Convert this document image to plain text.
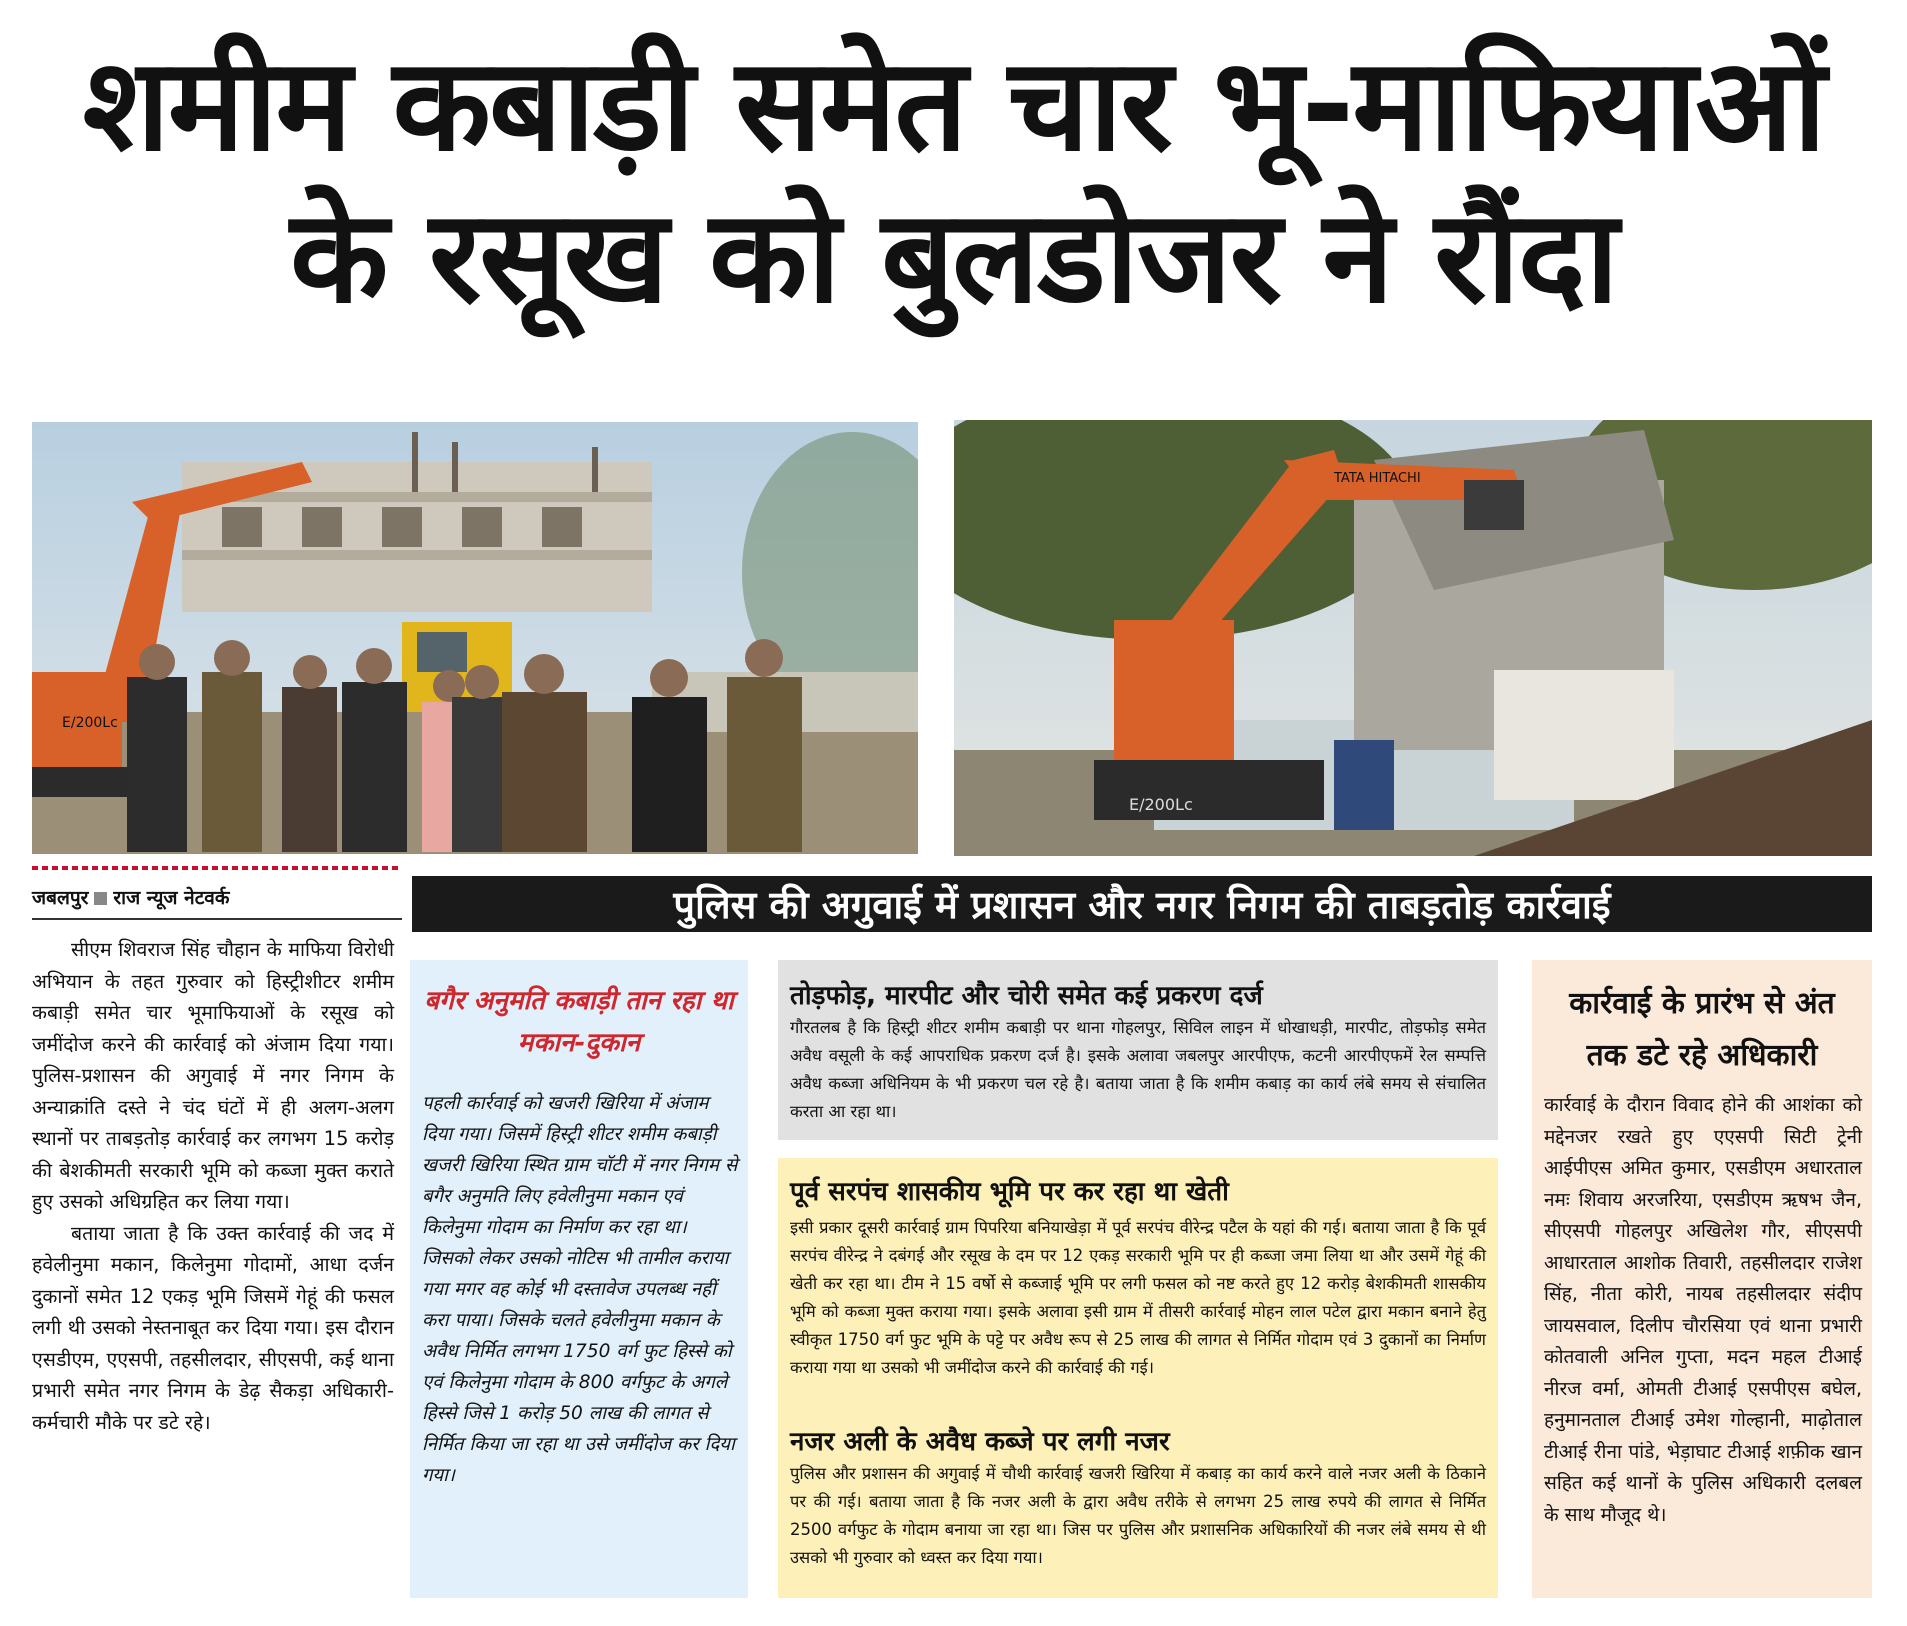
शमीम कबाड़ी समेत चार भू-माफियाओं
के रसूख को बुलडोजर ने रौंदा
E/200Lc
TATA HITACHI
E/200Lc
जबलपुर राज न्यूज नेटवर्क	पुलिस की अगुवाई में प्रशासन और नगर निगम की ताबड़तोड़ कार्रवाई

सीएम शिवराज सिंह चौहान के माफिया विरोधी अभियान के तहत गुरुवार को हिस्ट्रीशीटर शमीम कबाड़ी समेत चार भूमाफियाओं के रसूख को जमींदोज करने की कार्रवाई को अंजाम दिया गया। पुलिस-प्रशासन की अगुवाई में नगर निगम के अन्याक्रांति दस्ते ने चंद घंटों में ही अलग-अलग स्थानों पर ताबड़तोड़ कार्रवाई कर लगभग 15 करोड़ की बेशकीमती सरकारी भूमि को कब्जा मुक्त कराते हुए उसको अधिग्रहित कर लिया गया।

बताया जाता है कि उक्त कार्रवाई की जद में हवेलीनुमा मकान, किलेनुमा गोदामों, आधा दर्जन दुकानों समेत 12 एकड़ भूमि जिसमें गेहूं की फसल लगी थी उसको नेस्तनाबूत कर दिया गया। इस दौरान एसडीएम, एएसपी, तहसीलदार, सीएसपी, कई थाना प्रभारी समेत नगर निगम के डेढ़ सैकड़ा अधिकारी-कर्मचारी मौके पर डटे रहे।

बगैर अनुमति कबाड़ी तान रहा था मकान-दुकान
पहली कार्रवाई को खजरी खिरिया में अंजाम दिया गया। जिसमें हिस्ट्री शीटर शमीम कबाड़ी खजरी खिरिया स्थित ग्राम चॉटी में नगर निगम से बगैर अनुमति लिए हवेलीनुमा मकान एवं किलेनुमा गोदाम का निर्माण कर रहा था। जिसको लेकर उसको नोटिस भी तामील कराया गया मगर वह कोई भी दस्तावेज उपलब्ध नहीं करा पाया। जिसके चलते हवेलीनुमा मकान के अवैध निर्मित लगभग 1750 वर्ग फुट हिस्से को एवं किलेनुमा गोदाम के 800 वर्गफुट के अगले हिस्से जिसे 1 करोड़ 50 लाख की लागत से निर्मित किया जा रहा था उसे जमींदोज कर दिया गया।
तोड़फोड़, मारपीट और चोरी समेत कई प्रकरण दर्ज
गौरतलब है कि हिस्ट्री शीटर शमीम कबाड़ी पर थाना गोहलपुर, सिविल लाइन में धोखाधड़ी, मारपीट, तोड़फोड़ समेत अवैध वसूली के कई आपराधिक प्रकरण दर्ज है। इसके अलावा जबलपुर आरपीएफ, कटनी आरपीएफमें रेल सम्पत्ति अवैध कब्जा अधिनियम के भी प्रकरण चल रहे है। बताया जाता है कि शमीम कबाड़ का कार्य लंबे समय से संचालित करता आ रहा था।
पूर्व सरपंच शासकीय भूमि पर कर रहा था खेती
इसी प्रकार दूसरी कार्रवाई ग्राम पिपरिया बनियाखेड़ा में पूर्व सरपंच वीरेन्द्र पटैल के यहां की गई। बताया जाता है कि पूर्व सरपंच वीरेन्द्र ने दबंगई और रसूख के दम पर 12 एकड़ सरकारी भूमि पर ही कब्जा जमा लिया था और उसमें गेहूं की खेती कर रहा था। टीम ने 15 वर्षो से कब्जाई भूमि पर लगी फसल को नष्ट करते हुए 12 करोड़ बेशकीमती शासकीय भूमि को कब्जा मुक्त कराया गया। इसके अलावा इसी ग्राम में तीसरी कार्रवाई मोहन लाल पटेल द्वारा मकान बनाने हेतु स्वीकृत 1750 वर्ग फुट भूमि के पट्टे पर अवैध रूप से 25 लाख की लागत से निर्मित गोदाम एवं 3 दुकानों का निर्माण कराया गया था उसको भी जमींदोज करने की कार्रवाई की गई।
नजर अली के अवैध कब्जे पर लगी नजर
पुलिस और प्रशासन की अगुवाई में चौथी कार्रवाई खजरी खिरिया में कबाड़ का कार्य करने वाले नजर अली के ठिकाने पर की गई। बताया जाता है कि नजर अली के द्वारा अवैध तरीके से लगभग 25 लाख रुपये की लागत से निर्मित 2500 वर्गफुट के गोदाम बनाया जा रहा था। जिस पर पुलिस और प्रशासनिक अधिकारियों की नजर लंबे समय से थी उसको भी गुरुवार को ध्वस्त कर दिया गया।
कार्रवाई के प्रारंभ से अंत तक डटे रहे अधिकारी
कार्रवाई के दौरान विवाद होने की आशंका को मद्देनजर रखते हुए एएसपी सिटी ट्रेनी आईपीएस अमित कुमार, एसडीएम अधारताल नमः शिवाय अरजरिया, एसडीएम ऋषभ जैन, सीएसपी गोहलपुर अखिलेश गौर, सीएसपी आधारताल आशोक तिवारी, तहसीलदार राजेश सिंह, नीता कोरी, नायब तहसीलदार संदीप जायसवाल, दिलीप चौरसिया एवं थाना प्रभारी कोतवाली अनिल गुप्ता, मदन महल टीआई नीरज वर्मा, ओमती टीआई एसपीएस बघेल, हनुमानताल टीआई उमेश गोल्हानी, माढ़ोताल टीआई रीना पांडे, भेड़ाघाट टीआई शफ़ीक खान सहित कई थानों के पुलिस अधिकारी दलबल के साथ मौजूद थे।
